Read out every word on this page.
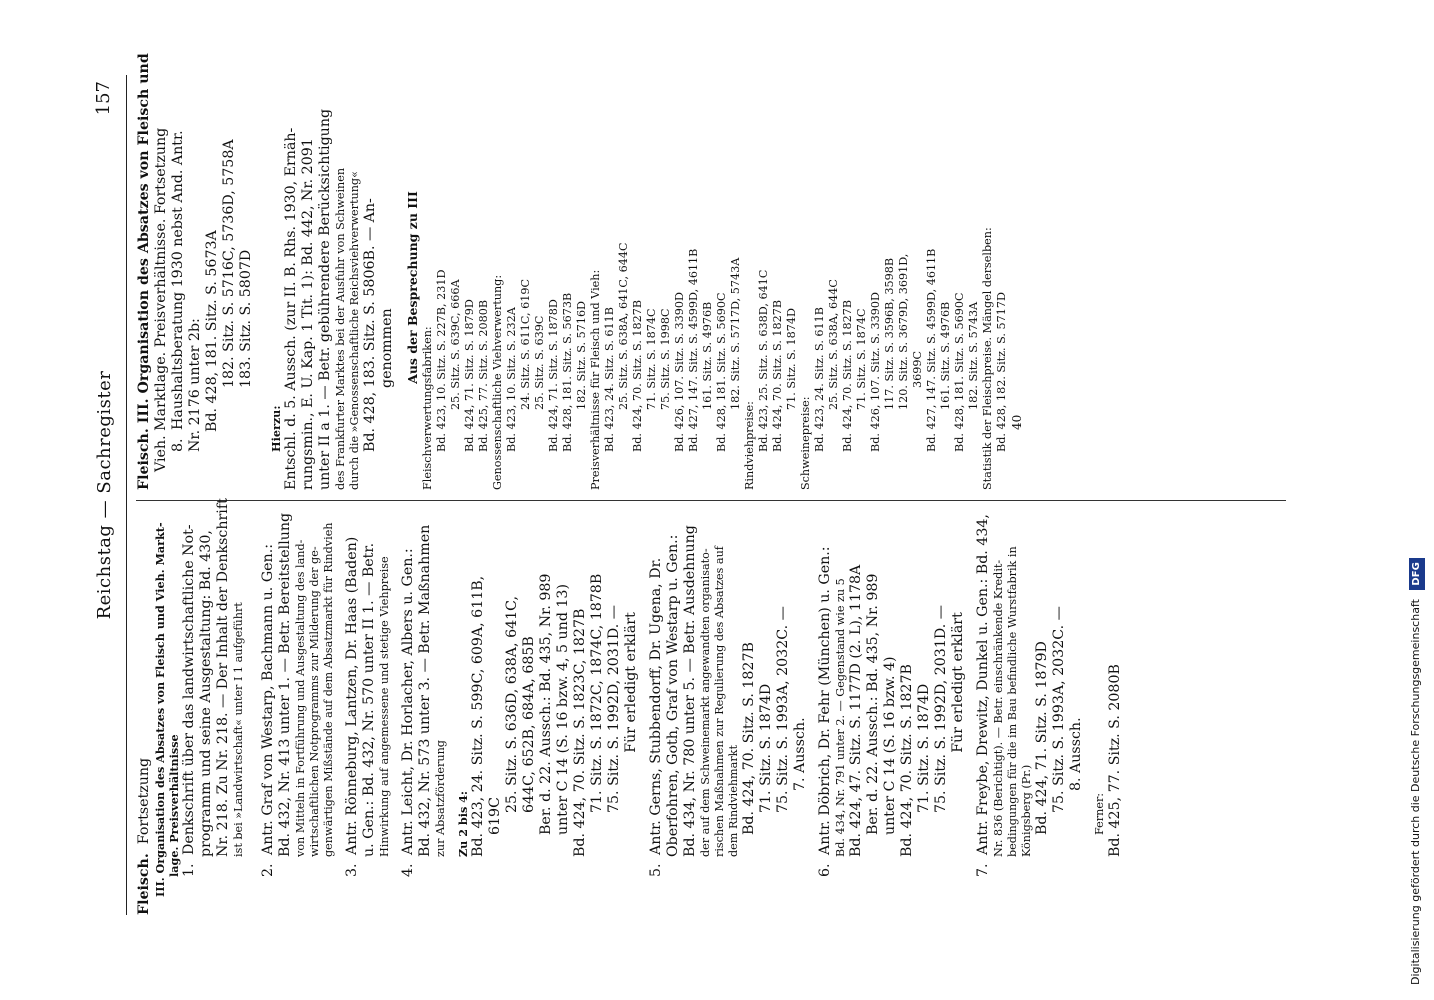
Reichstag — Sachregister
157

Fleisch.  Fortsetzung III. Organisation des Absatzes von Fleisch und Vieh. Markt- lage. Preisverhältnisse 1.Denkschrift über das landwirtschaftliche Not- programm und seine Ausgestaltung: Bd. 430, Nr. 218. Zu Nr. 218. — Der Inhalt der Denkschrift ist bei »Landwirtschaft« unter I 1 aufgeführt

2.Antr. Graf von Westarp, Bachmann u. Gen.: Bd. 432, Nr. 413 unter 1. — Betr. Bereitstellung von Mitteln in Fortführung und Ausgestaltung des land- wirtschaftlichen Notprogramms zur Milderung der ge- genwärtigen Mißstände auf dem Absatzmarkt für Rindvieh

3.Antr. Rönneburg, Lantzen, Dr. Haas (Baden) u. Gen.: Bd. 432, Nr. 570 unter II 1. — Betr. Hinwirkung auf angemessene und stetige Viehpreise

4.Antr. Leicht, Dr. Horlacher, Albers u. Gen.: Bd. 432, Nr. 573 unter 3. — Betr. Maßnahmen zur Absatzförderung Zu 2 bis 4: Bd. 423, 24. Sitz. S. 599C, 609A, 611B, 619C

25. Sitz. S. 636D, 638A, 641C, 644C, 652B, 684A, 685B Ber. d. 22. Aussch.: Bd. 435, Nr. 989 unter C 14 (S. 16 bzw. 4, 5 und 13) Bd. 424, 70. Sitz. S. 1823C, 1827B 71. Sitz. S. 1872C, 1874C, 1878B 75. Sitz. S. 1992D, 2031D. — Für erledigt erklärt

5.Antr. Gerns, Stubbendorff, Dr. Ugena, Dr. Oberfohren, Goth, Graf von Westarp u. Gen.: Bd. 434, Nr. 780 unter 5. — Betr. Ausdehnung der auf dem Schweinemarkt angewandten organisato- rischen Maßnahmen zur Regulierung des Absatzes auf dem Rindviehmarkt Bd. 424, 70. Sitz. S. 1827B 71. Sitz. S. 1874D 75. Sitz. S. 1993A, 2032C. — 7. Aussch.

6.Antr. Döbrich, Dr. Fehr (München) u. Gen.: Bd. 434, Nr. 791 unter 2. — Gegenstand wie zu 5 Bd. 424, 47. Sitz. S. 1177D (2. L), 1178A Ber. d. 22. Aussch.: Bd. 435, Nr. 989 unter C 14 (S. 16 bzw. 4) Bd. 424, 70. Sitz. S. 1827B 71. Sitz. S. 1874D 75. Sitz. S. 1992D, 2031D. — Für erledigt erklärt

7.Antr. Freybe, Drewitz, Dunkel u. Gen.: Bd. 434, Nr. 836 (Berichtigt). — Betr. einschränkende Kredit- bedingungen für die im Bau befindliche Wurstfabrik in Königsberg (Pr.) Bd. 424, 71. Sitz. S. 1879D 75. Sitz. S. 1993A, 2032C. — 8. Aussch.

Ferner: Bd. 425, 77. Sitz. S. 2080B

Fleisch. III. Organisation des Absatzes von Fleisch und Vieh. Marktlage. Preisverhältnisse. Fortsetzung 8.Haushaltsberatung 1930 nebst And. Antr. Nr. 2176 unter 2b: Bd. 428, 181. Sitz. S. 5673A 182. Sitz. S. 5716C, 5736D, 5758A 183. Sitz. S. 5807D

Hierzu: Entschl. d. 5. Aussch. (zur II. B. Rhs. 1930, Ernäh- rungsmin., E. U. Kap. 1 Tit. 1): Bd. 442, Nr. 2091 unter II a 1. — Betr. gebührendere Berücksichtigung des Frankfurter Marktes bei der Ausfuhr von Schweinen durch die »Genossenschaftliche Reichsviehverwertung« Bd. 428, 183. Sitz. S. 5806B. — An- genommen Aus der Besprechung zu III

Fleischverwertungsfabriken: Bd. 423, 10. Sitz. S. 227B, 231D 25. Sitz. S. 639C, 666A Bd. 424, 71. Sitz. S. 1879D Bd. 425, 77. Sitz. S. 2080B Genossenschaftliche Viehverwertung: Bd. 423, 10. Sitz. S. 232A 24. Sitz. S. 611C, 619C 25. Sitz. S. 639C Bd. 424, 71. Sitz. S. 1878D Bd. 428, 181. Sitz. S. 5673B 182. Sitz. S. 5716D Preisverhältnisse für Fleisch und Vieh: Bd. 423, 24. Sitz. S. 611B 25. Sitz. S. 638A, 641C, 644C Bd. 424, 70. Sitz. S. 1827B 71. Sitz. S. 1874C 75. Sitz. S. 1998C Bd. 426, 107. Sitz. S. 3390D Bd. 427, 147. Sitz. S. 4599D, 4611B 161. Sitz. S. 4976B Bd. 428, 181. Sitz. S. 5690C 182. Sitz. S. 5717D, 5743A

Rindviehpreise: Bd. 423, 25. Sitz. S. 638D, 641C Bd. 424, 70. Sitz. S. 1827B 71. Sitz. S. 1874D

Schweinepreise: Bd. 423, 24. Sitz. S. 611B 25. Sitz. S. 638A, 644C Bd. 424, 70. Sitz. S. 1827B 71. Sitz. S. 1874C Bd. 426, 107. Sitz. S. 3390D 117. Sitz. S. 3596B, 3598B 120. Sitz. S. 3679D, 3691D, 3699C Bd. 427, 147. Sitz. S. 4599D, 4611B 161. Sitz. S. 4976B Bd. 428, 181. Sitz. S. 5690C 182. Sitz. S. 5743A Statistik der Fleischpreise. Mängel derselben: Bd. 428, 182. Sitz. S. 5717D 40

Digitalisierung gefördert durch die Deutsche Forschungsgemeinschaft DFG
